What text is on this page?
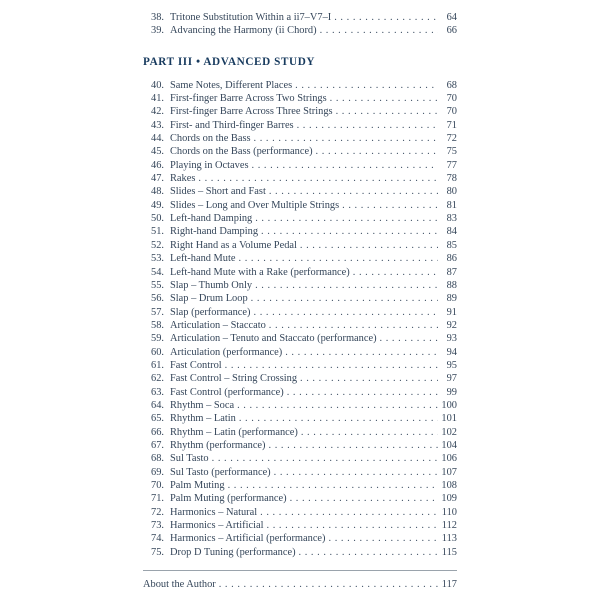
38. Tritone Substitution Within a ii7–V7–I . . .	64
39. Advancing the Harmony (ii Chord) . . .	66
PART III • ADVANCED STUDY
40. Same Notes, Different Places . . .	68
41. First-finger Barre Across Two Strings . . .	70
42. First-finger Barre Across Three Strings . . .	70
43. First- and Third-finger Barres . . .	71
44. Chords on the Bass . . .	72
45. Chords on the Bass (performance) . . .	75
46. Playing in Octaves . . .	77
47. Rakes . . .	78
48. Slides – Short and Fast . . .	80
49. Slides – Long and Over Multiple Strings . . .	81
50. Left-hand Damping . . .	83
51. Right-hand Damping . . .	84
52. Right Hand as a Volume Pedal . . .	85
53. Left-hand Mute . . .	86
54. Left-hand Mute with a Rake (performance) . . .	87
55. Slap – Thumb Only . . .	88
56. Slap – Drum Loop . . .	89
57. Slap (performance) . . .	91
58. Articulation – Staccato . . .	92
59. Articulation – Tenuto and Staccato (performance) . . .	93
60. Articulation (performance) . . .	94
61. Fast Control . . .	95
62. Fast Control – String Crossing . . .	97
63. Fast Control (performance) . . .	99
64. Rhythm – Soca . . .	100
65. Rhythm – Latin . . .	101
66. Rhythm – Latin (performance) . . .	102
67. Rhythm (performance) . . .	104
68. Sul Tasto . . .	106
69. Sul Tasto (performance) . . .	107
70. Palm Muting . . .	108
71. Palm Muting (performance) . . .	109
72. Harmonics – Natural . . .	110
73. Harmonics – Artificial . . .	112
74. Harmonics – Artificial (performance) . . .	113
75. Drop D Tuning (performance) . . .	115
About the Author . . .	117
